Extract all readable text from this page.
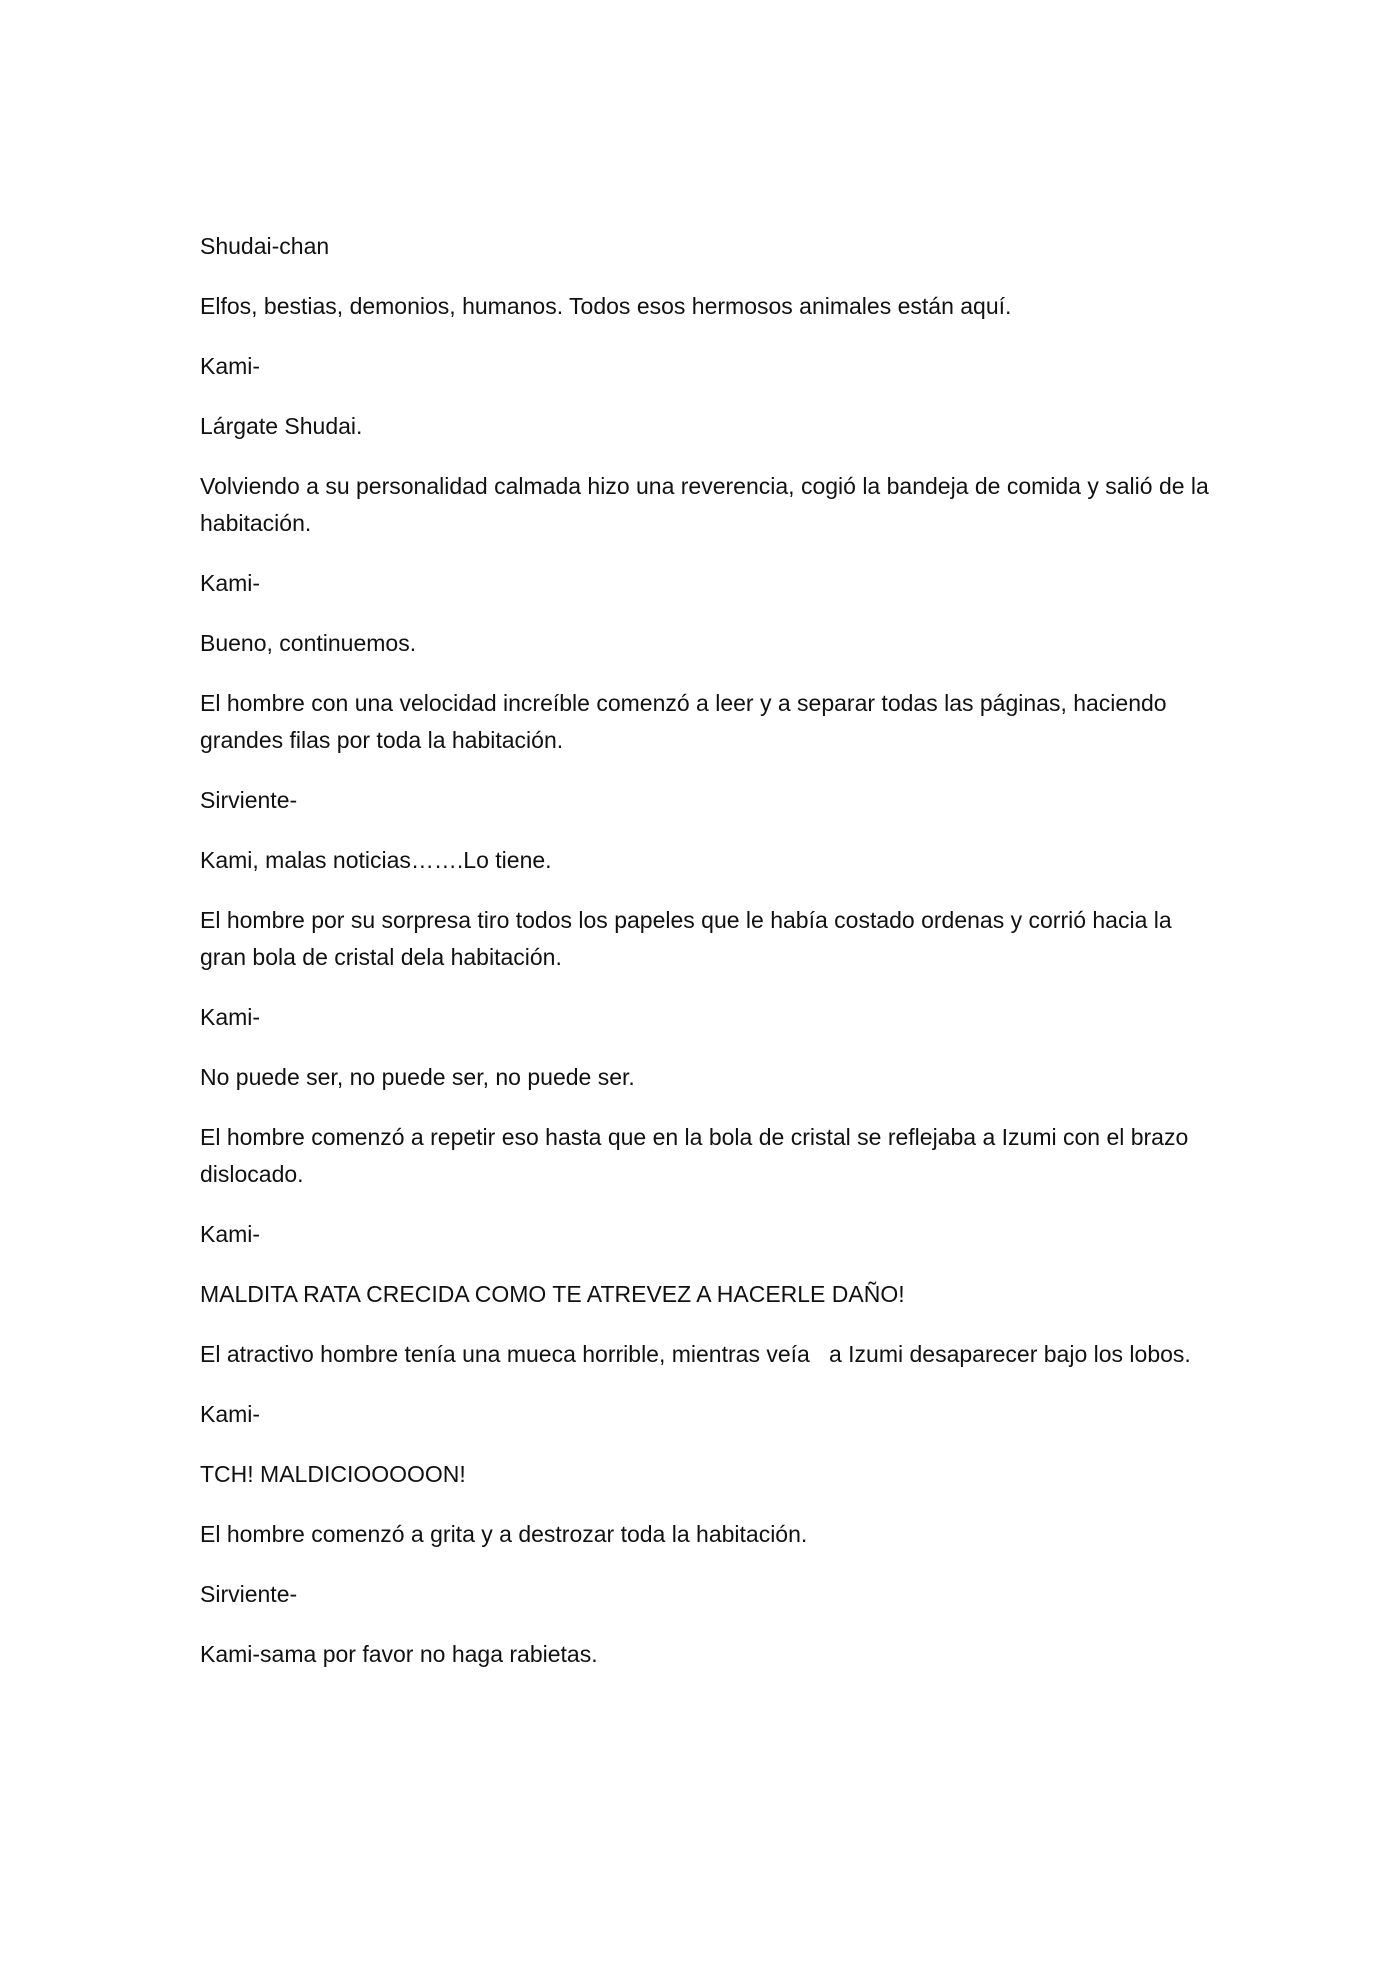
Shudai-chan

Elfos, bestias, demonios, humanos. Todos esos hermosos animales están aquí.

Kami-

Lárgate Shudai.

Volviendo a su personalidad calmada hizo una reverencia, cogió la bandeja de comida y salió de la habitación.

Kami-

Bueno, continuemos.

El hombre con una velocidad increíble comenzó a leer y a separar todas las páginas, haciendo grandes filas por toda la habitación.

Sirviente-

Kami, malas noticias…….Lo tiene.

El hombre por su sorpresa tiro todos los papeles que le había costado ordenas y corrió hacia la gran bola de cristal dela habitación.

Kami-

No puede ser, no puede ser, no puede ser.

El hombre comenzó a repetir eso hasta que en la bola de cristal se reflejaba a Izumi con el brazo dislocado.

Kami-

MALDITA RATA CRECIDA COMO TE ATREVEZ A HACERLE DAÑO!

El atractivo hombre tenía una mueca horrible, mientras veía   a Izumi desaparecer bajo los lobos.

Kami-

TCH! MALDICIOOOOON!

El hombre comenzó a grita y a destrozar toda la habitación.

Sirviente-

Kami-sama por favor no haga rabietas.
